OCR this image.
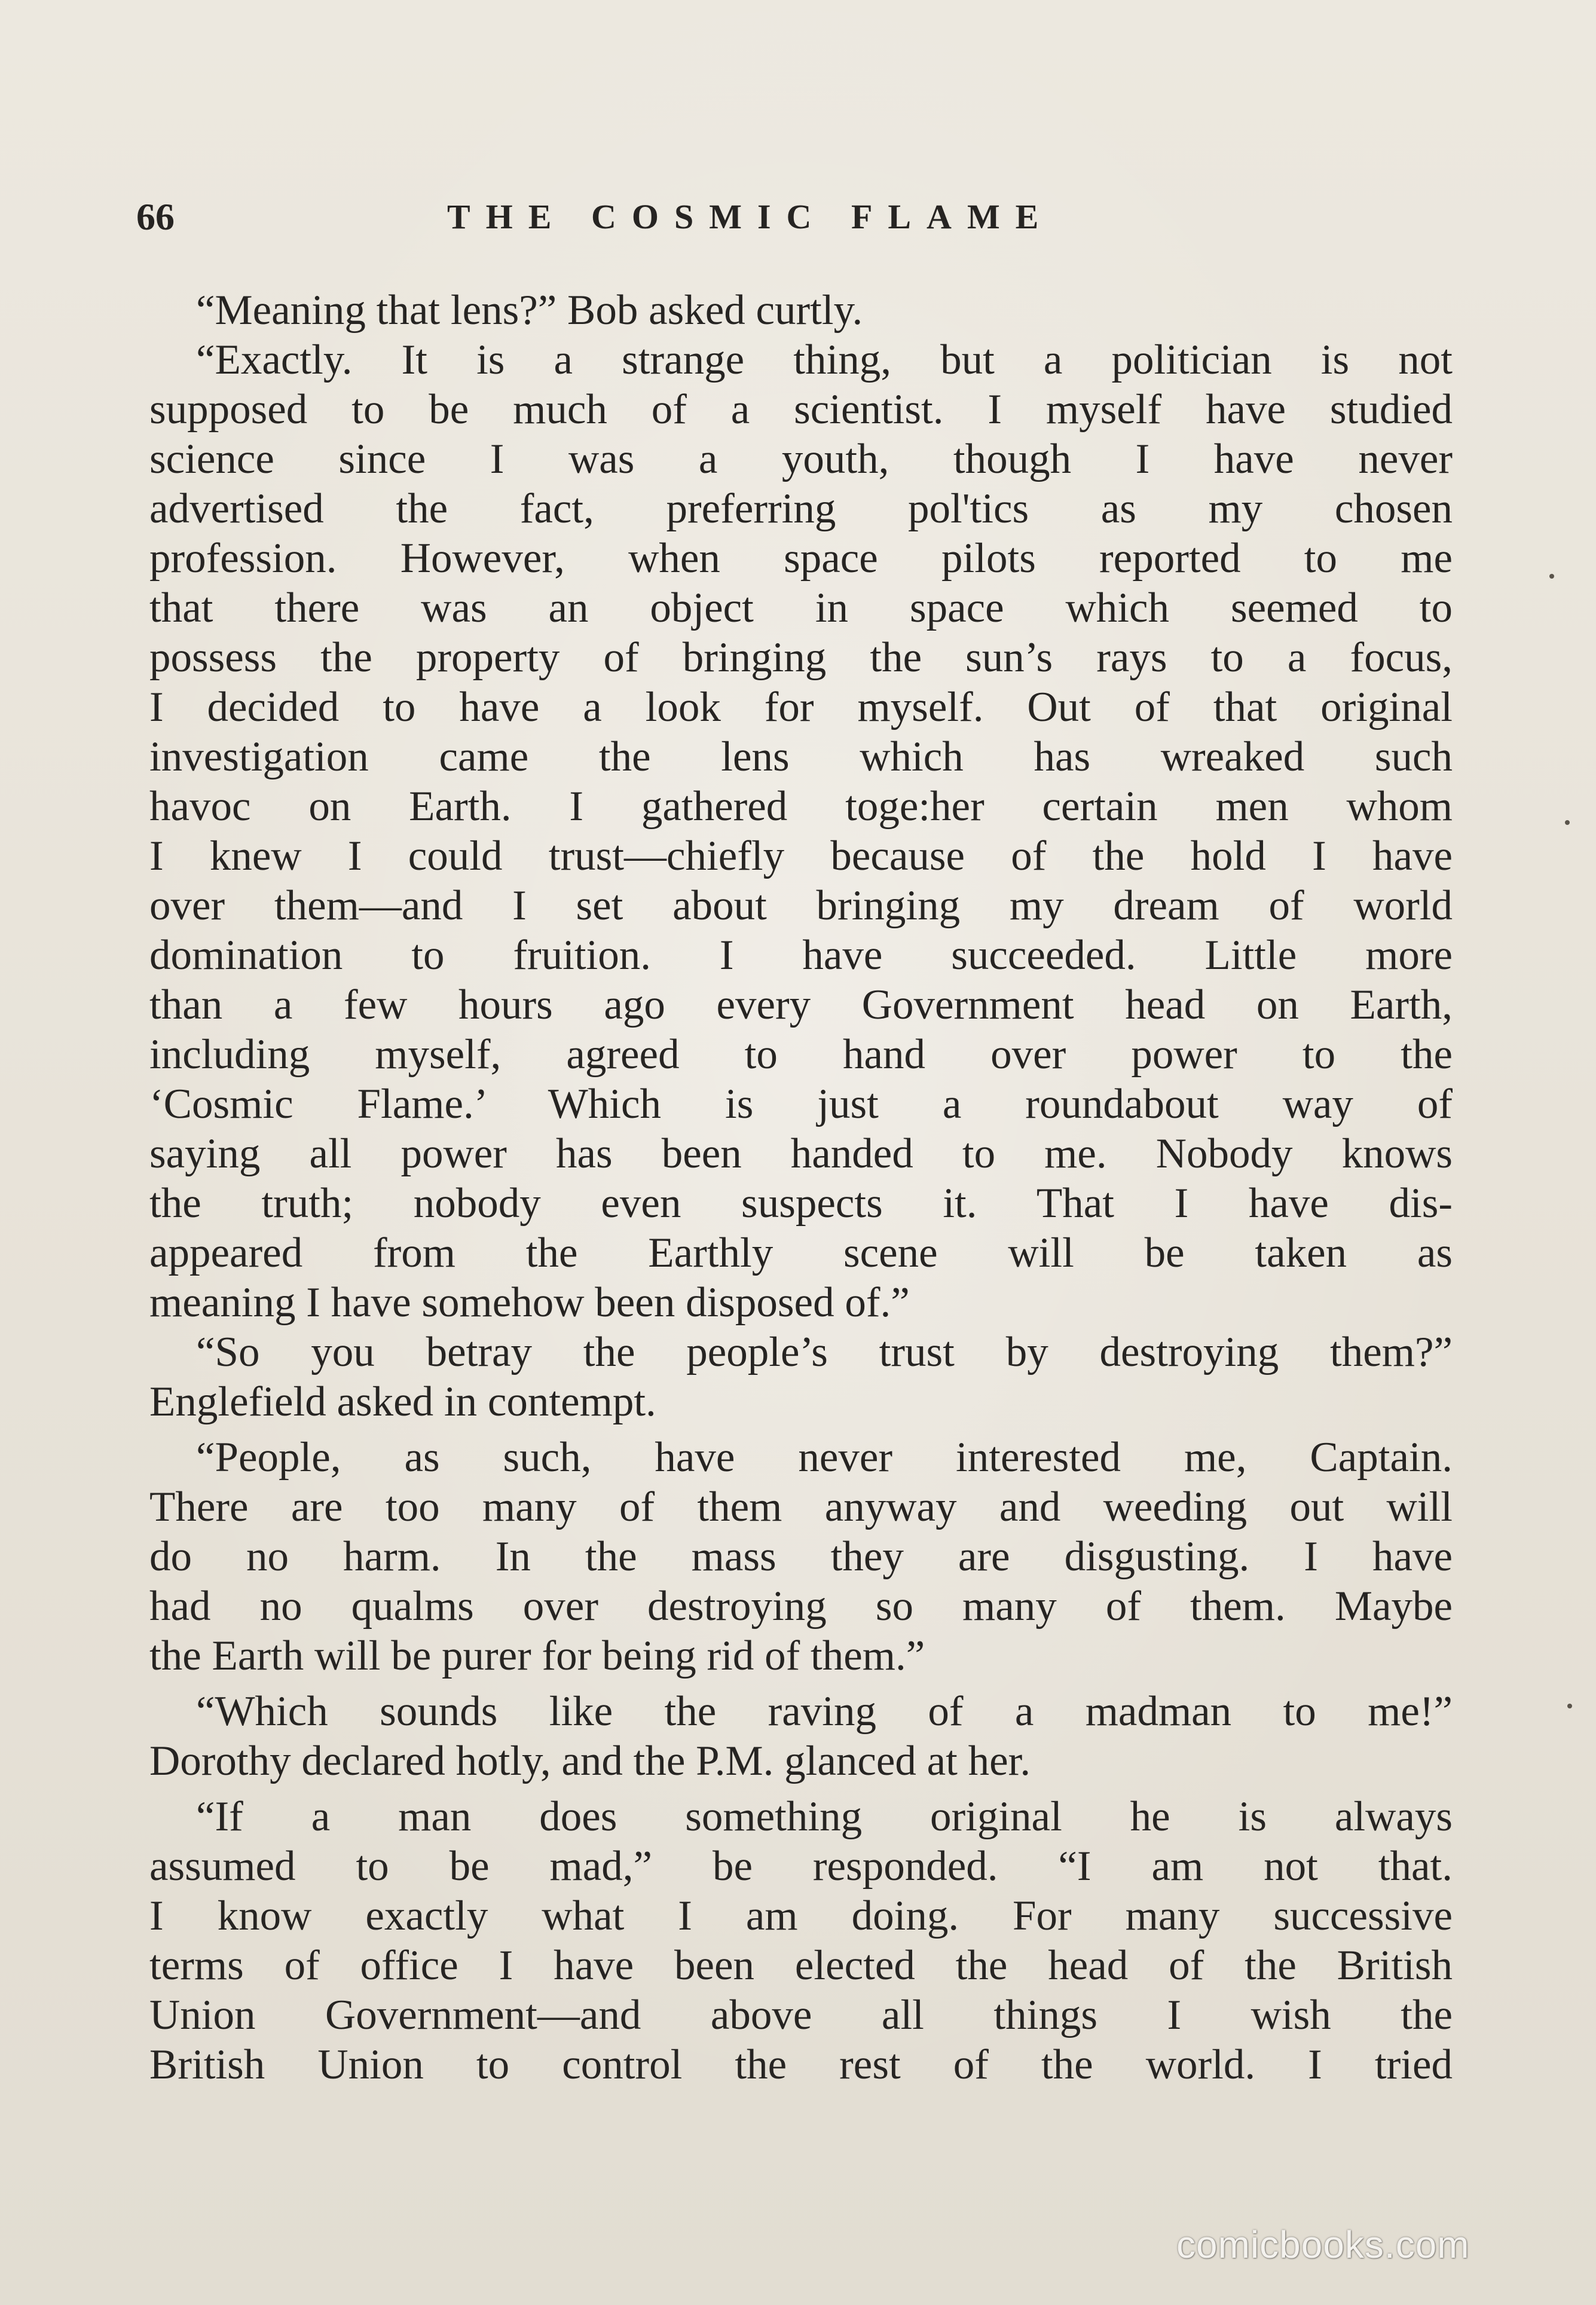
66	THE COSMIC FLAME
“Meaning that lens?” Bob asked curtly.
“Exactly. It is a strange thing, but a politician is not
supposed to be much of a scientist. I myself have studied
science since I was a youth, though I have never
advertised the fact, preferring pol'tics as my chosen
profession. However, when space pilots reported to me
that there was an object in space which seemed to
possess the property of bringing the sun’s rays to a focus,
I decided to have a look for myself. Out of that original
investigation came the lens which has wreaked such
havoc on Earth. I gathered toge:her certain men whom
I knew I could trust—chiefly because of the hold I have
over them—and I set about bringing my dream of world
domination to fruition. I have succeeded. Little more
than a few hours ago every Government head on Earth,
including myself, agreed to hand over power to the
‘Cosmic Flame.’ Which is just a roundabout way of
saying all power has been handed to me. Nobody knows
the truth; nobody even suspects it. That I have dis-
appeared from the Earthly scene will be taken as
meaning I have somehow been disposed of.”
“So you betray the people’s trust by destroying them?”
Englefield asked in contempt.
“People, as such, have never interested me, Captain.
There are too many of them anyway and weeding out will
do no harm. In the mass they are disgusting. I have
had no qualms over destroying so many of them. Maybe
the Earth will be purer for being rid of them.”
“Which sounds like the raving of a madman to me!”
Dorothy declared hotly, and the P.M. glanced at her.
“If a man does something original he is always
assumed to be mad,” be responded. “I am not that.
I know exactly what I am doing. For many successive
terms of office I have been elected the head of the British
Union Government—and above all things I wish the
British Union to control the rest of the world. I tried
comicbooks.com
